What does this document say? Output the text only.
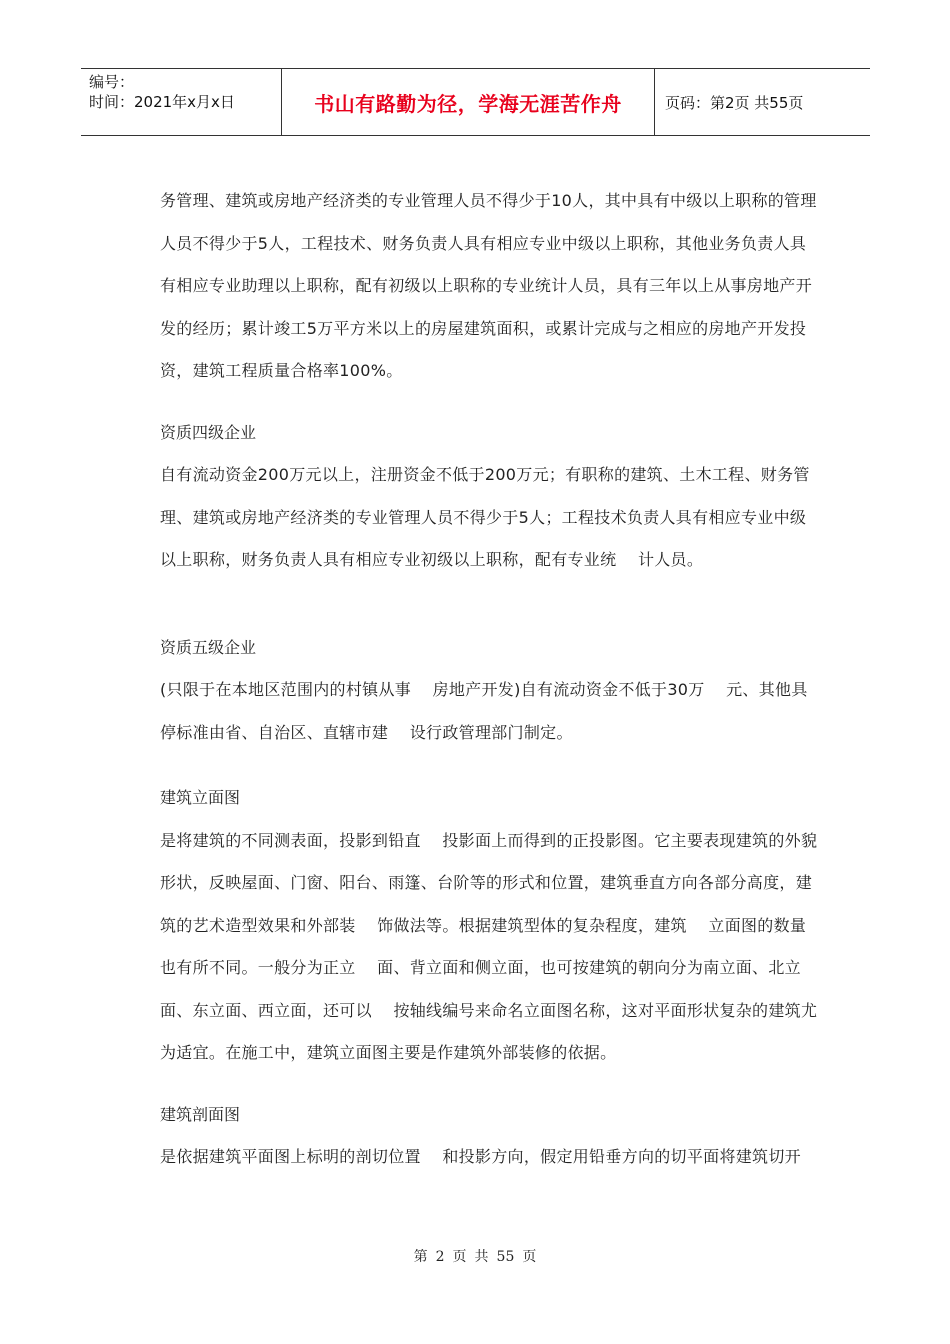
编号：
时间：2021年x月x日	书山有路勤为径，学海无涯苦作舟	页码：第2页 共55页

务管理、建筑或房地产经济类的专业管理人员不得少于10人，其中具有中级以上职称的管理人员不得少于5人，工程技术、财务负责人具有相应专业中级以上职称，其他业务负责人具有相应专业助理以上职称，配有初级以上职称的专业统计人员，具有三年以上从事房地产开发的经历；累计竣工5万平方米以上的房屋建筑面积，或累计完成与之相应的房地产开发投资，建筑工程质量合格率100%。

资质四级企业

自有流动资金200万元以上，注册资金不低于200万元；有职称的建筑、土木工程、财务管理、建筑或房地产经济类的专业管理人员不得少于5人；工程技术负责人具有相应专业中级以上职称，财务负责人具有相应专业初级以上职称，配有专业统    计人员。

资质五级企业

(只限于在本地区范围内的村镇从事    房地产开发)自有流动资金不低于30万    元、其他具停标准由省、自治区、直辖市建    设行政管理部门制定。

建筑立面图

是将建筑的不同测表面，投影到铅直    投影面上而得到的正投影图。它主要表现建筑的外貌形状，反映屋面、门窗、阳台、雨篷、台阶等的形式和位置，建筑垂直方向各部分高度，建筑的艺术造型效果和外部装    饰做法等。根据建筑型体的复杂程度，建筑    立面图的数量也有所不同。一般分为正立    面、背立面和侧立面，也可按建筑的朝向分为南立面、北立面、东立面、西立面，还可以    按轴线编号来命名立面图名称，这对平面形状复杂的建筑尤为适宜。在施工中，建筑立面图主要是作建筑外部装修的依据。

建筑剖面图

是依据建筑平面图上标明的剖切位置    和投影方向，假定用铅垂方向的切平面将建筑切开

第 2 页 共 55 页
